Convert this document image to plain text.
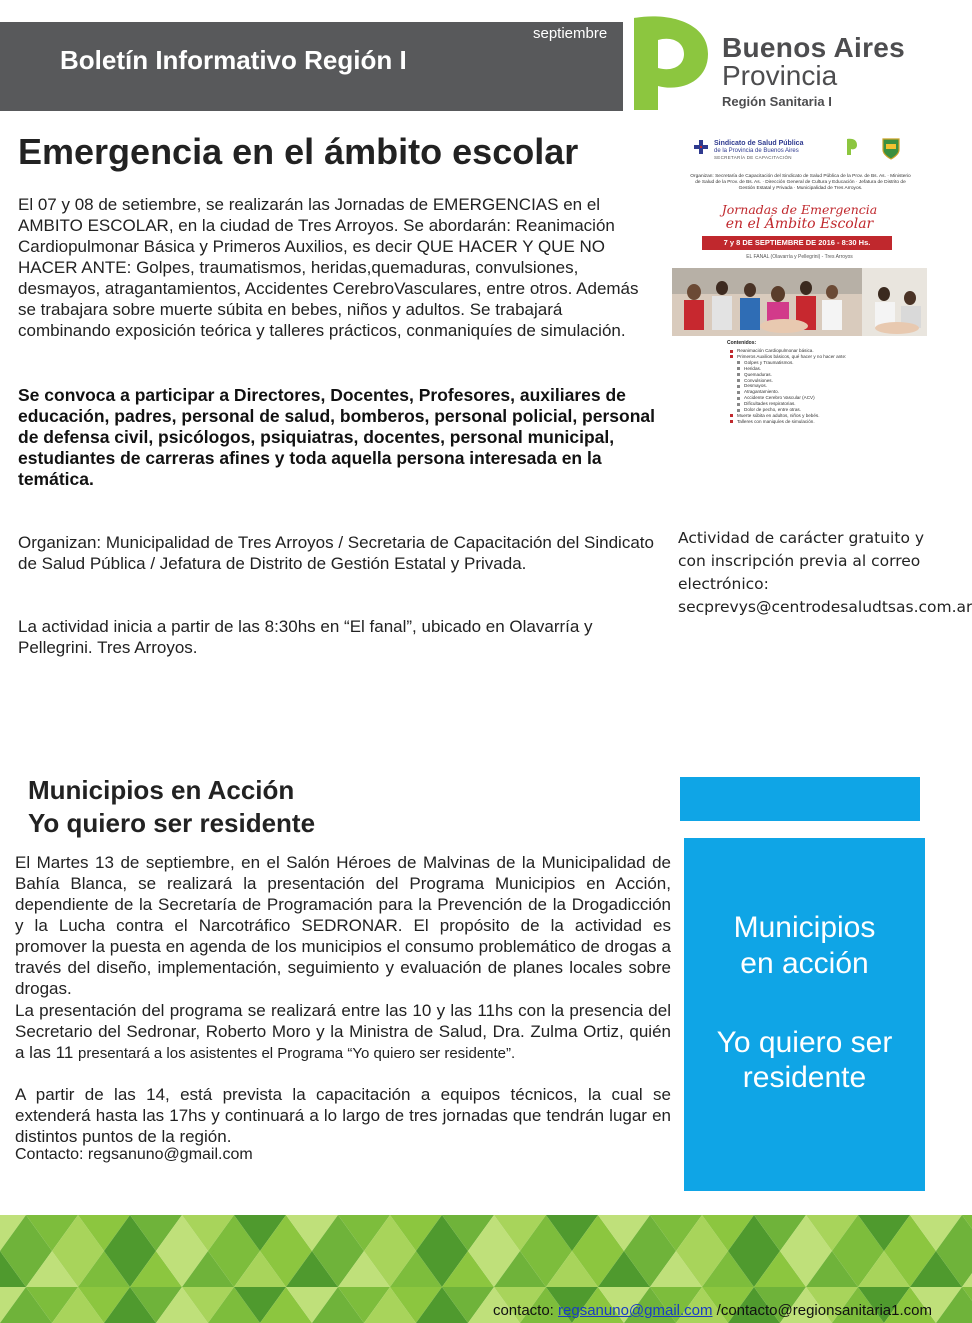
Boletín Informativo Región I
septiembre	Buenos Aires
Provincia
Región Sanitaria I
Emergencia en el ámbito escolar

El 07 y 08 de setiembre, se realizarán las Jornadas de EMERGENCIAS en el AMBITO ESCOLAR, en la ciudad de Tres Arroyos. Se abordarán: Reanimación Cardiopulmonar Básica y Primeros Auxilios, es decir QUE HACER Y QUE NO HACER ANTE: Golpes, traumatismos, heridas,quemaduras, convulsiones, desmayos, atragantamientos, Accidentes CerebroVasculares, entre otros. Además se trabajara sobre muerte súbita en bebes, niños y adultos. Se trabajará combinando exposición teórica y talleres prácticos, conmaniquíes de simulación.

Se convoca a participar a Directores, Docentes, Profesores, auxiliares de educación, padres, personal de salud, bomberos, personal policial, personal de defensa civil, psicólogos, psiquiatras, docentes, personal municipal, estudiantes de carreras afines y toda aquella persona interesada en la temática.

Organizan: Municipalidad de Tres Arroyos / Secretaria de Capacitación del Sindicato de Salud Pública / Jefatura de Distrito de Gestión Estatal y Privada.

La actividad inicia a partir de las 8:30hs en “El fanal”, ubicado en Olavarría y Pellegrini. Tres Arroyos.

Sindicato de Salud Pública
de la Provincia de Buenos Aires
SECRETARÍA DE CAPACITACIÓN
Organizan: Secretaría de Capacitación del Sindicato de Salud Pública de la Prov. de Bs. As. · Ministerio de Salud de la Prov. de Bs. As. · Dirección General de Cultura y Educación · Jefatura de Distrito de Gestión Estatal y Privada · Municipalidad de Tres Arroyos.
Jornadas de Emergencia
en el Ámbito Escolar
7 y 8 DE SEPTIEMBRE DE 2016 - 8:30 Hs.
EL FANAL (Olavarría y Pellegrini) - Tres Arroyos
Contenidos:
Reanimación Cardiopulmonar básica.
Primeros Auxilios básicos, qué hacer y no hacer ante:
Golpes y Traumatismos.
Heridas.
Quemaduras.
Convulsiones.
Desmayos.
Atragantamiento.
Accidente Cerebro Vascular (ACV)
Dificultades respiratorias.
Dolor de pecho, entre otras.
Muerte súbita en adultos, niños y bebés.
Talleres con maniquíes de simulación.
Actividad de carácter gratuito y con inscripción previa al correo electrónico: secprevys@centrodesaludtsas.com.ar
Municipios en Acción
Yo quiero ser residente

El Martes 13 de septiembre, en el Salón Héroes de Malvinas de la Municipalidad de Bahía Blanca, se realizará la presentación del Programa Municipios en Acción, dependiente de la Secretaría de Programación para la Prevención de la Drogadicción y la Lucha contra el Narcotráfico SEDRONAR. El propósito de la actividad es promover la puesta en agenda de los municipios el consumo problemático de drogas a través del diseño, implementación, seguimiento y evaluación de planes locales sobre drogas.

La presentación del programa se realizará entre las 10 y las 11hs con la presencia del Secretario del Sedronar, Roberto Moro y la Ministra de Salud, Dra. Zulma Ortiz, quién a las 11 presentará a los asistentes el Programa “Yo quiero ser residente”.

A partir de las 14, está prevista la capacitación a equipos técnicos, la cual se extenderá hasta las 17hs y continuará a lo largo de tres jornadas que tendrán lugar en distintos puntos de la región.

Contacto: regsanuno@gmail.com
Municipios
en acción
Yo quiero ser
residente
contacto: regsanuno@gmail.com /contacto@regionsanitaria1.com
